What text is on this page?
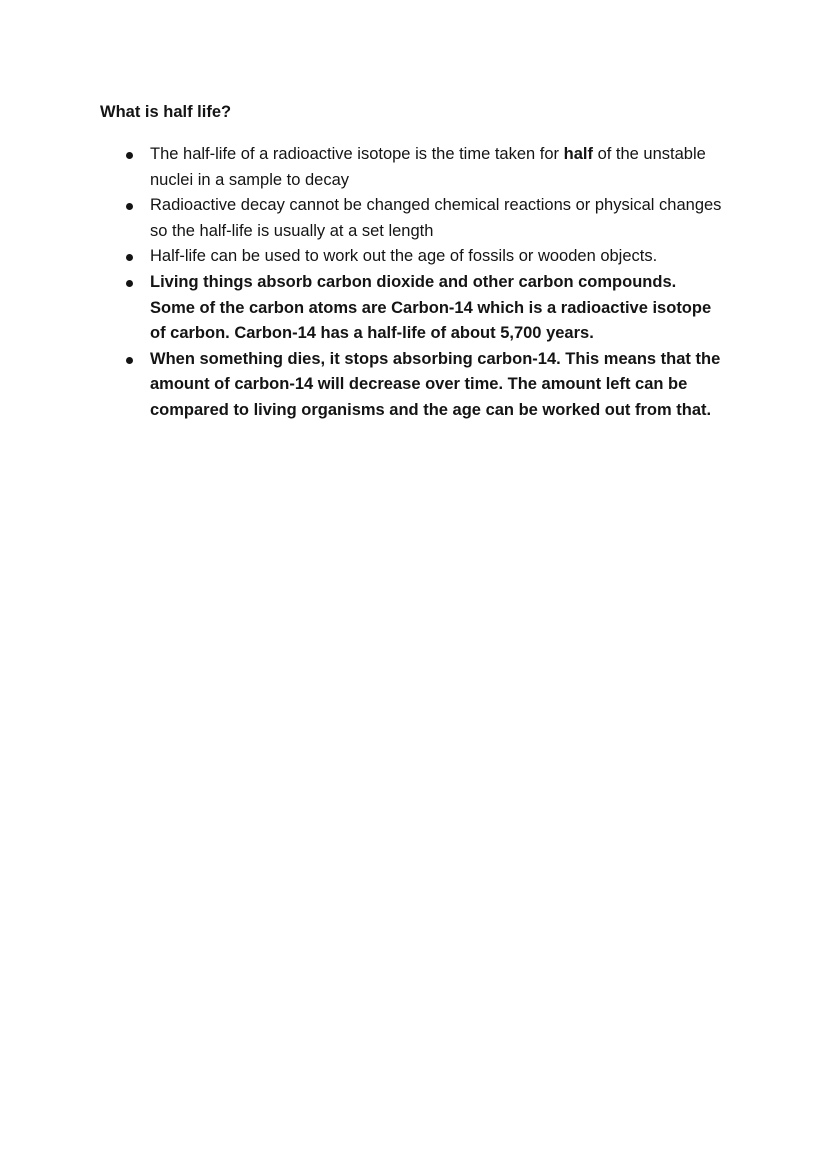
What is half life?
The half-life of a radioactive isotope is the time taken for half of the unstable nuclei in a sample to decay
Radioactive decay cannot be changed chemical reactions or physical changes so the half-life is usually at a set length
Half-life can be used to work out the age of fossils or wooden objects.
Living things absorb carbon dioxide and other carbon compounds. Some of the carbon atoms are Carbon-14 which is a radioactive isotope of carbon. Carbon-14 has a half-life of about 5,700 years.
When something dies, it stops absorbing carbon-14. This means that the amount of carbon-14 will decrease over time. The amount left can be compared to living organisms and the age can be worked out from that.
